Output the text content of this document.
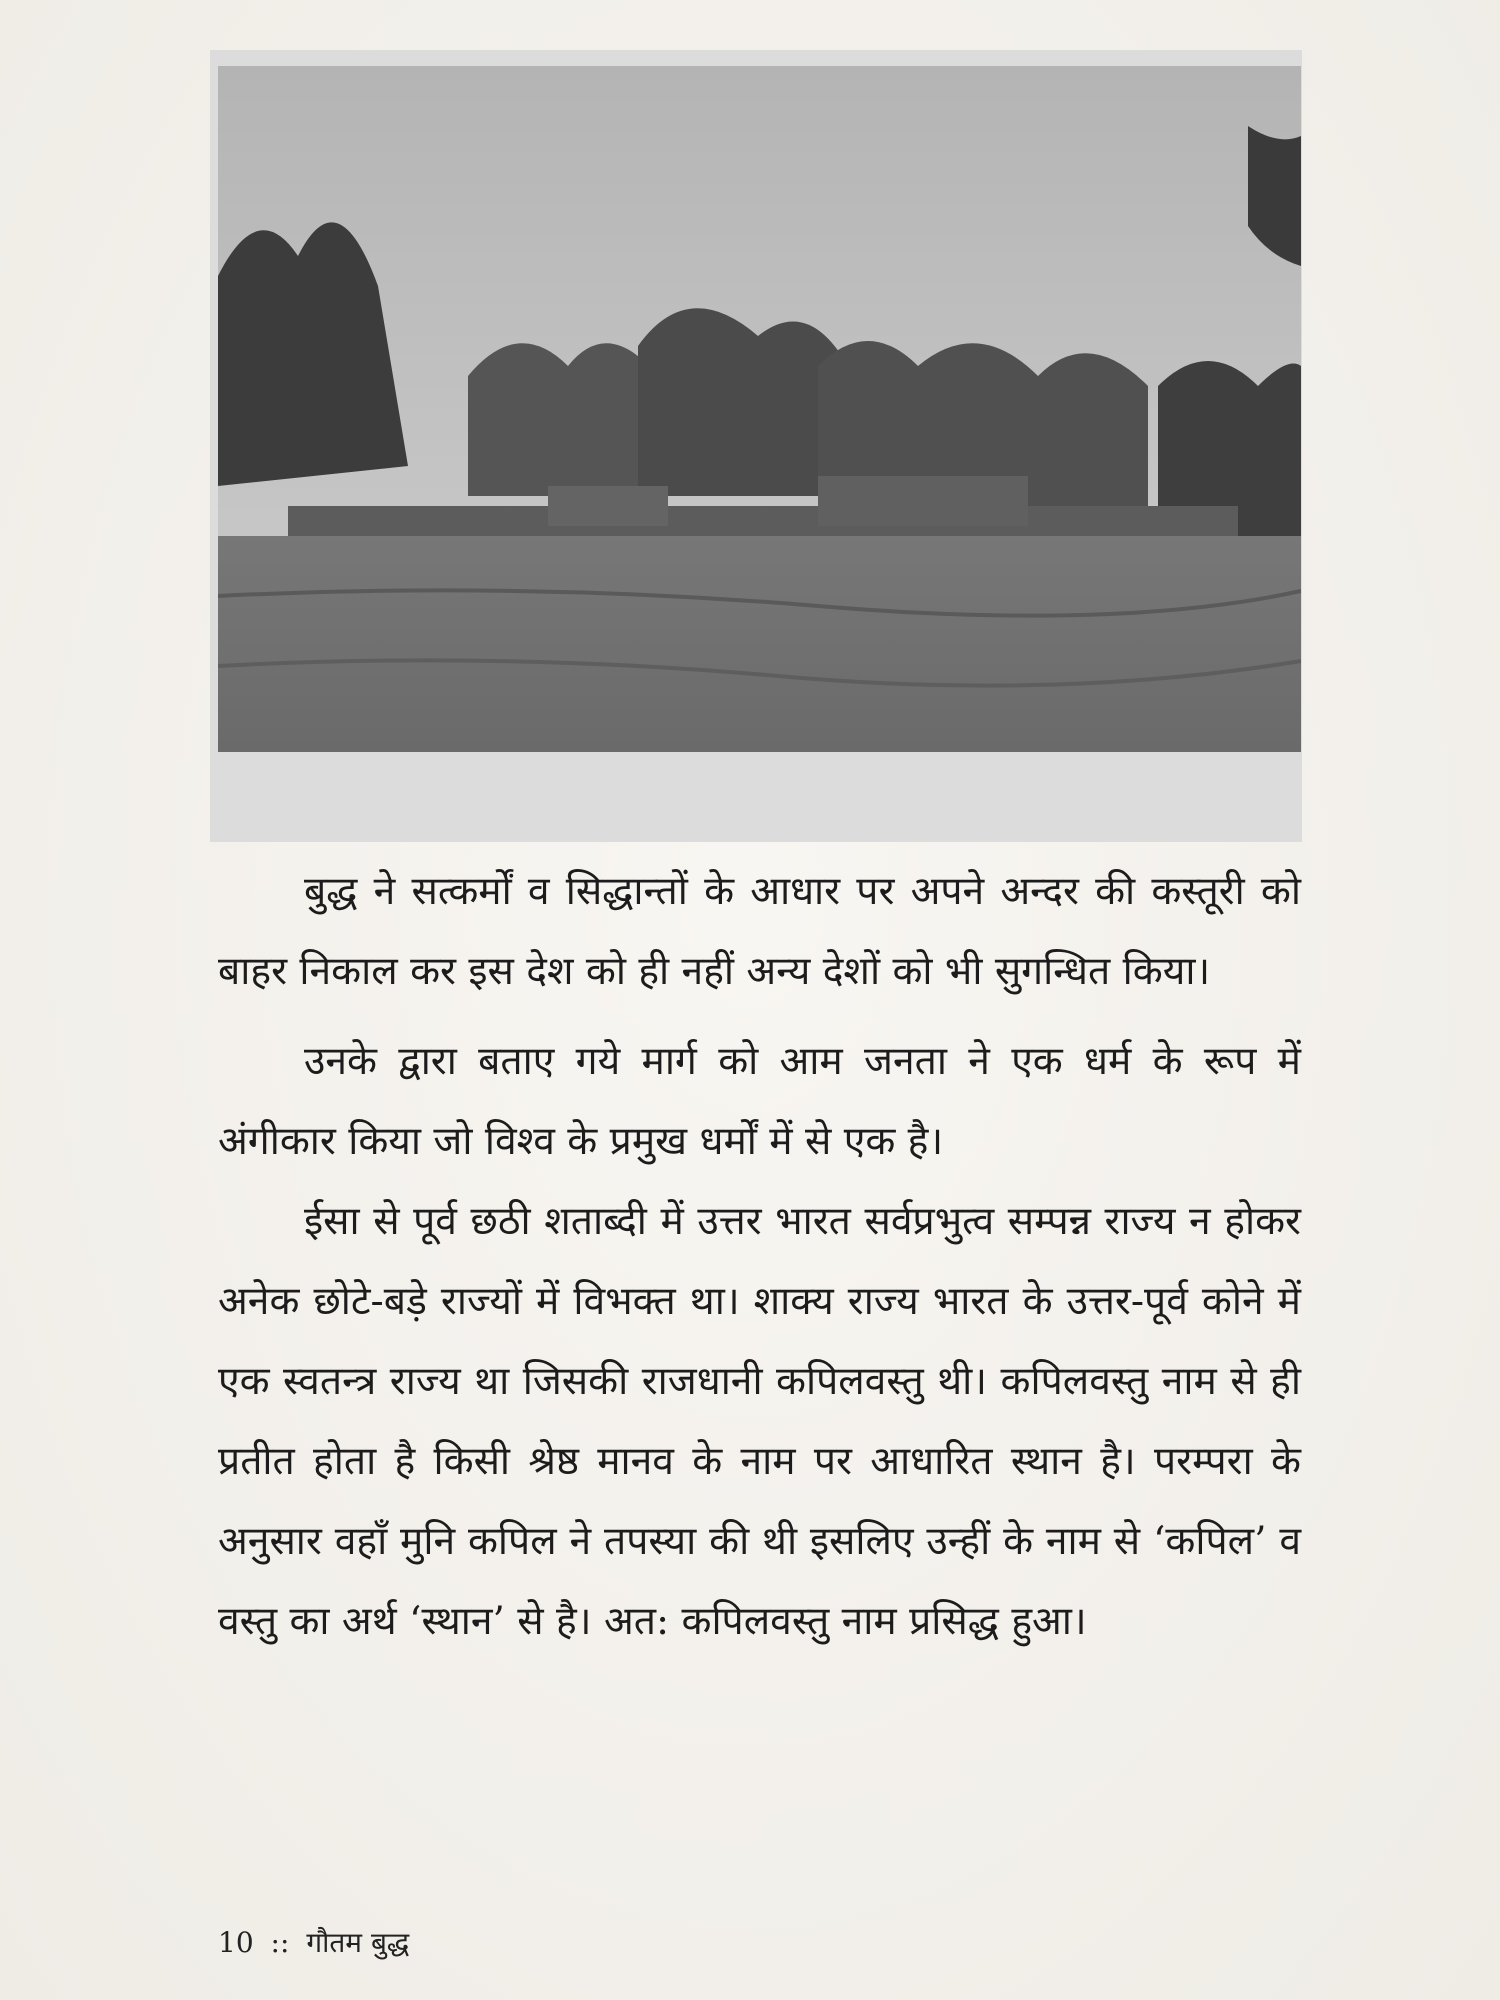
बुद्ध ने सत्कर्मों व सिद्धान्तों के आधार पर अपने अन्दर की कस्तूरी को बाहर निकाल कर इस देश को ही नहीं अन्य देशों को भी सुगन्धित किया।

उनके द्वारा बताए गये मार्ग को आम जनता ने एक धर्म के रूप में अंगीकार किया जो विश्व के प्रमुख धर्मों में से एक है।

ईसा से पूर्व छठी शताब्दी में उत्तर भारत सर्वप्रभुत्व सम्पन्न राज्य न होकर अनेक छोटे-बड़े राज्यों में विभक्त था। शाक्य राज्य भारत के उत्तर-पूर्व कोने में एक स्वतन्त्र राज्य था जिसकी राजधानी कपिलवस्तु थी। कपिलवस्तु नाम से ही प्रतीत होता है किसी श्रेष्ठ मानव के नाम पर आधारित स्थान है। परम्परा के अनुसार वहाँ मुनि कपिल ने तपस्या की थी इसलिए उन्हीं के नाम से ‘कपिल’ व वस्तु का अर्थ ‘स्थान’ से है। अत: कपिलवस्तु नाम प्रसिद्ध हुआ।

10 :: गौतम बुद्ध
